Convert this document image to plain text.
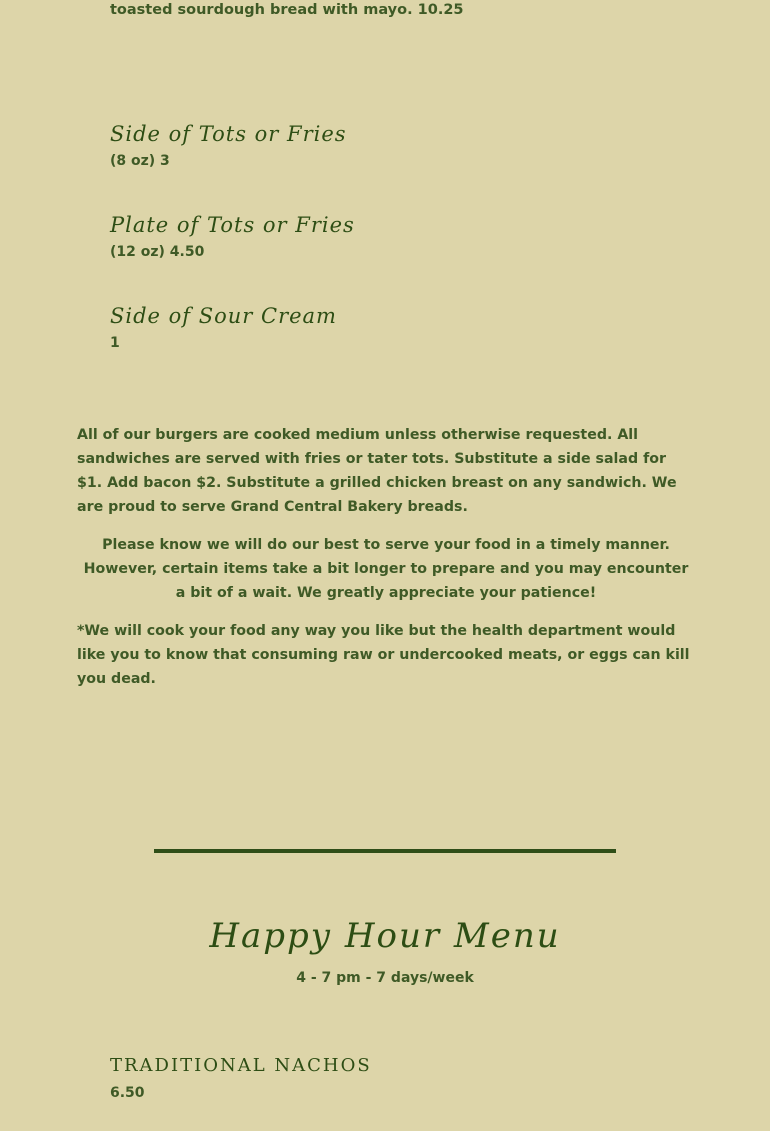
toasted sourdough bread with mayo. 10.25

Side of Tots or Fries

(8 oz) 3

Plate of Tots or Fries

(12 oz) 4.50

Side of Sour Cream

1

All of our burgers are cooked medium unless otherwise requested. All sandwiches are served with fries or tater tots. Substitute a side salad for $1. Add bacon $2. Substitute a grilled chicken breast on any sandwich. We are proud to serve Grand Central Bakery breads.

Please know we will do our best to serve your food in a timely manner. However, certain items take a bit longer to prepare and you may encounter a bit of a wait. We greatly appreciate your patience!

*We will cook your food any way you like but the health department would like you to know that consuming raw or undercooked meats, or eggs can kill you dead.

Happy Hour Menu

4 - 7 pm - 7 days/week

TRADITIONAL NACHOS

6.50
